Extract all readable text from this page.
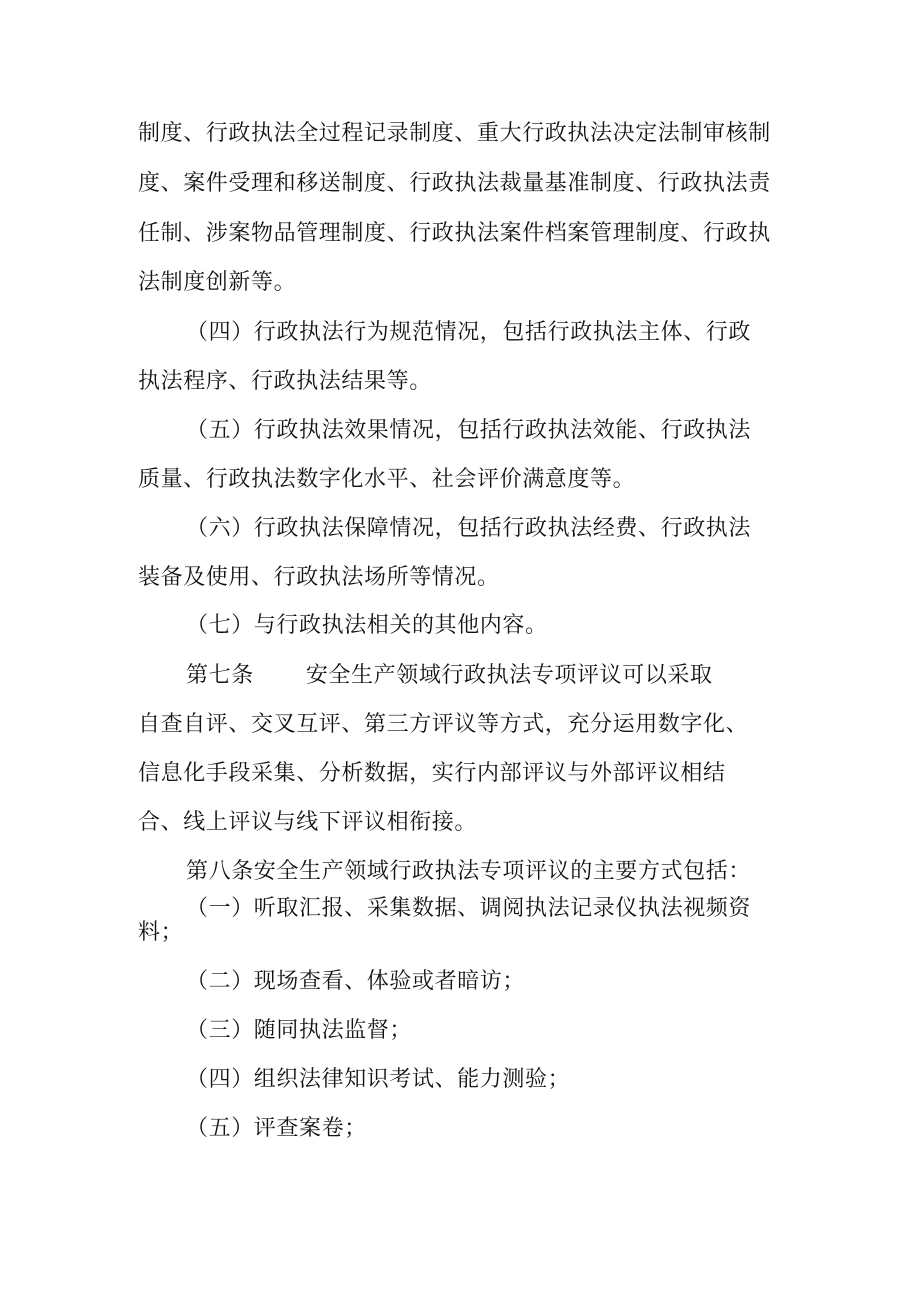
制度、行政执法全过程记录制度、重大行政执法决定法制审核制
度、案件受理和移送制度、行政执法裁量基准制度、行政执法责
任制、涉案物品管理制度、行政执法案件档案管理制度、行政执
法制度创新等。
（四）行政执法行为规范情况，包括行政执法主体、行政
执法程序、行政执法结果等。
（五）行政执法效果情况，包括行政执法效能、行政执法
质量、行政执法数字化水平、社会评价满意度等。
（六）行政执法保障情况，包括行政执法经费、行政执法
装备及使用、行政执法场所等情况。
（七）与行政执法相关的其他内容。
第七条 安全生产领域行政执法专项评议可以采取
自查自评、交叉互评、第三方评议等方式，充分运用数字化、
信息化手段采集、分析数据，实行内部评议与外部评议相结
合、线上评议与线下评议相衔接。
第八条安全生产领域行政执法专项评议的主要方式包括：
（一）听取汇报、采集数据、调阅执法记录仪执法视频资
料；
（二）现场查看、体验或者暗访；
（三）随同执法监督；
（四）组织法律知识考试、能力测验；
（五）评查案卷；
